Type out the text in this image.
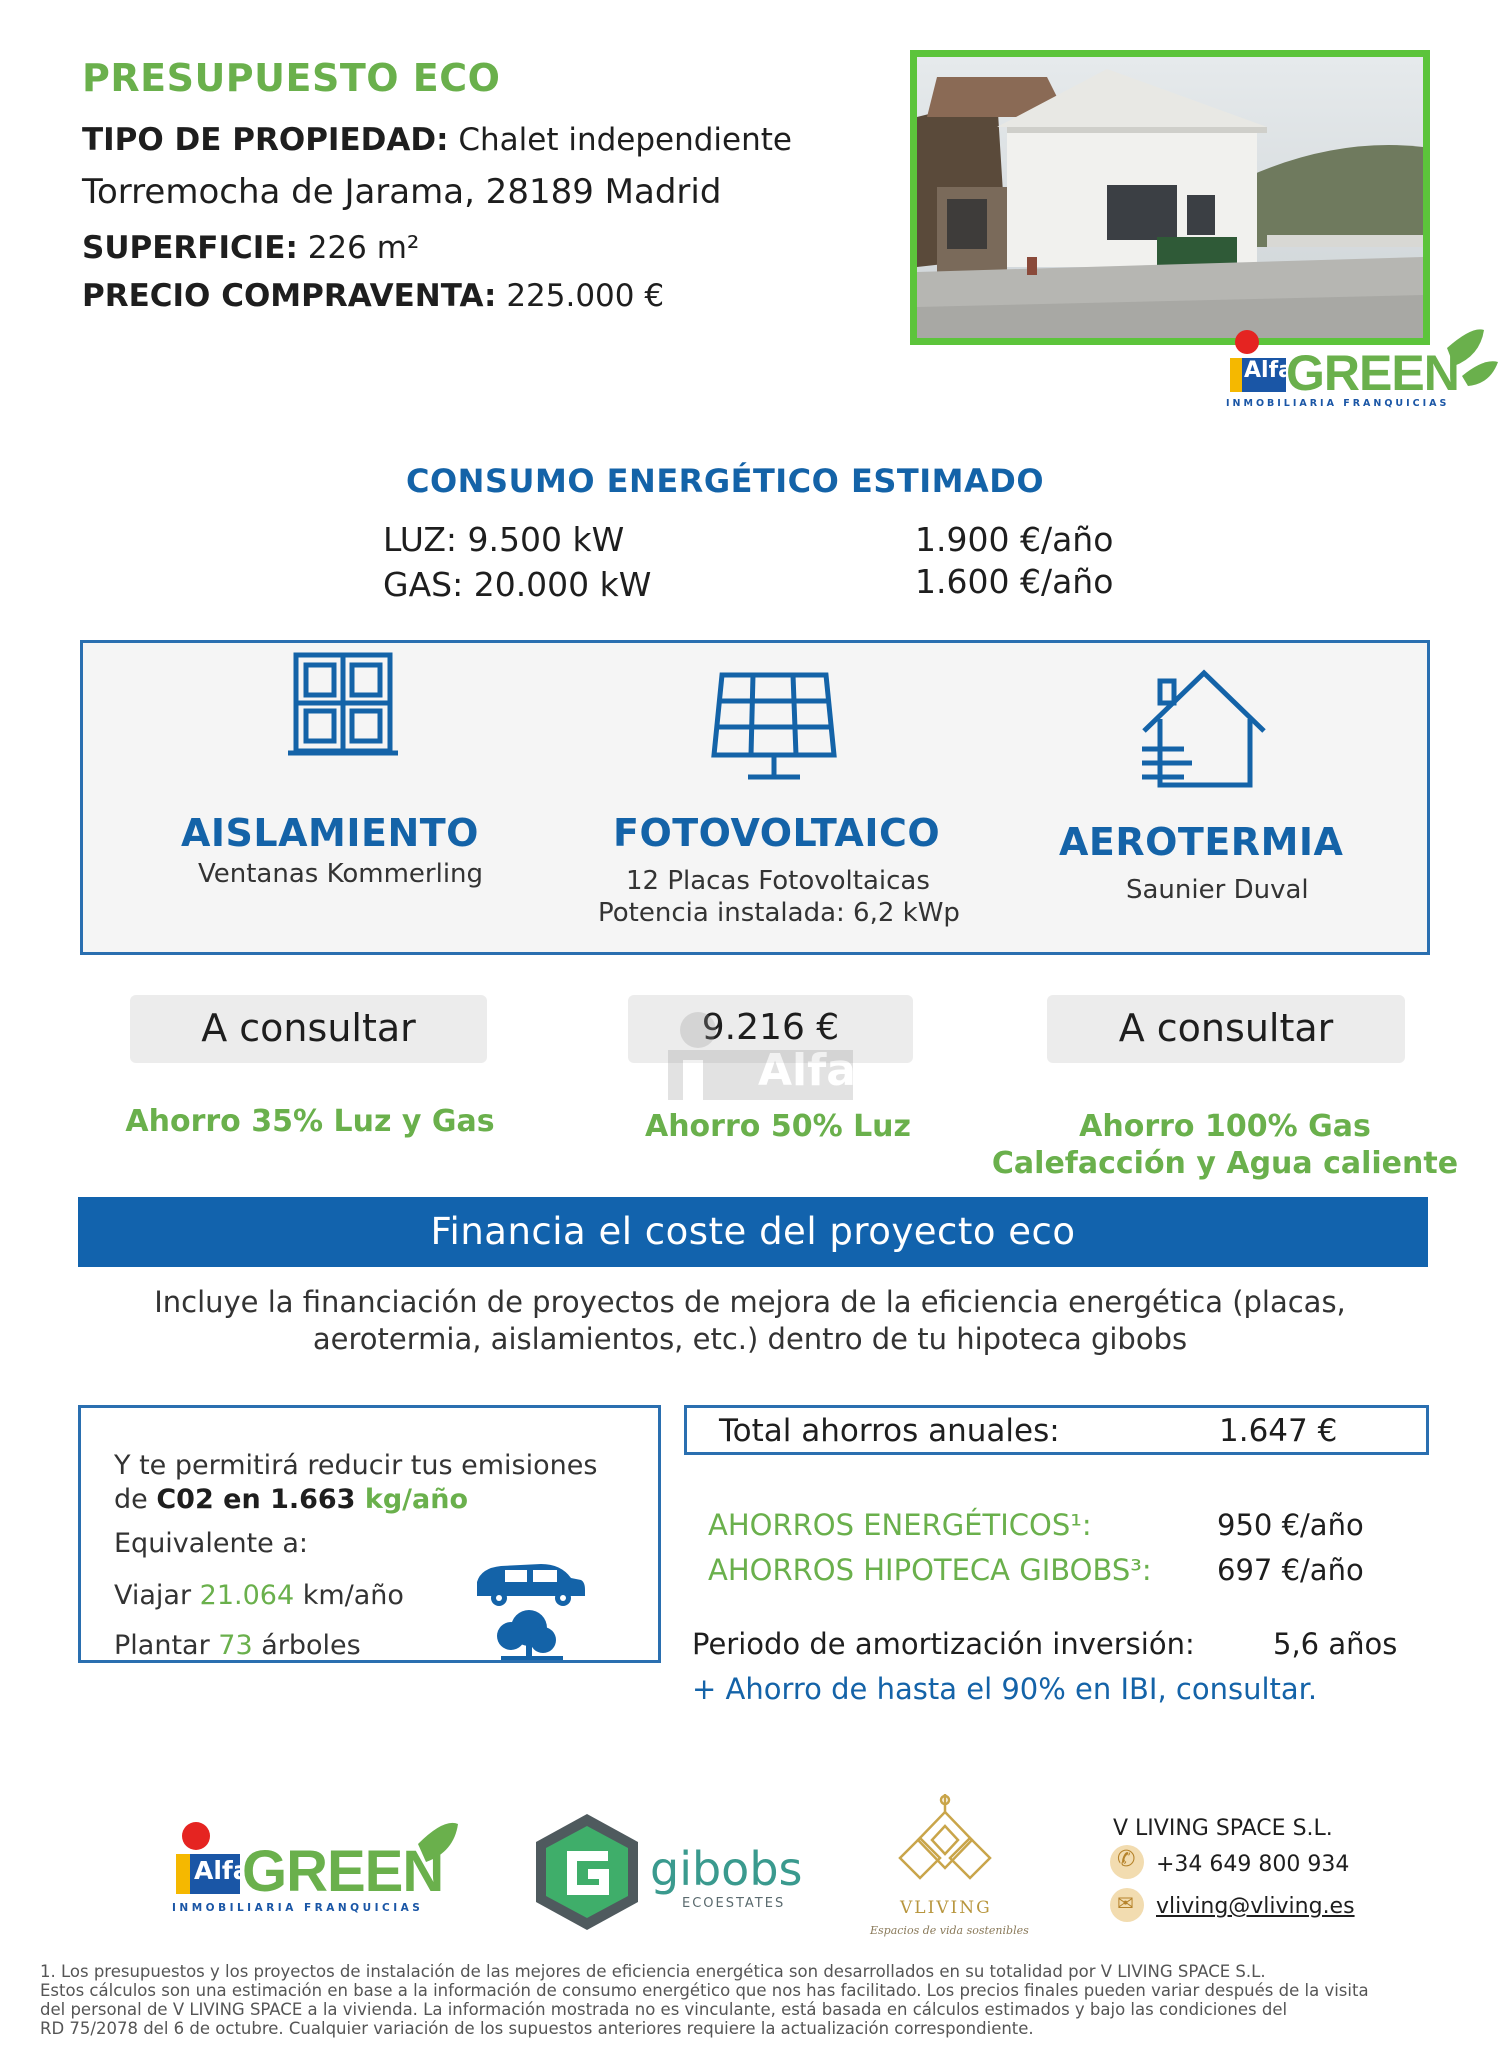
PRESUPUESTO ECO
TIPO DE PROPIEDAD: Chalet independiente
Torremocha de Jarama, 28189 Madrid
SUPERFICIE: 226 m²
PRECIO COMPRAVENTA: 225.000 €
Alfa
GREEN
INMOBILIARIA FRANQUICIAS
CONSUMO ENERGÉTICO ESTIMADO
LUZ: 9.500 kW	1.900 €/año
GAS: 20.000 kW	1.600 €/año
AISLAMIENTO
Ventanas Kommerling
FOTOVOLTAICO
12 Placas Fotovoltaicas
Potencia instalada: 6,2 kWp
AEROTERMIA
Saunier Duval
A consultar	9.216 €	A consultar
Alfa
Ahorro 35% Luz y Gas	Ahorro 50% Luz	Ahorro 100% Gas
Calefacción y Agua caliente
Financia el coste del proyecto eco
Incluye la financiación de proyectos de mejora de la eficiencia energética (placas,
aerotermia, aislamientos, etc.) dentro de tu hipoteca gibobs
Y te permitirá reducir tus emisiones
de C02 en 1.663 kg/año
Equivalente a:
Viajar 21.064 km/año
Plantar 73 árboles
Total ahorros anuales:	1.647 €
AHORROS ENERGÉTICOS¹:	950 €/año
AHORROS HIPOTECA GIBOBS³: 697 €/año
Periodo de amortización inversión:	5,6 años
+ Ahorro de hasta el 90% en IBI, consultar.
Alfa
GREEN
INMOBILIARIA FRANQUICIAS
gibobs
ECOESTATES	VLIVING
Espacios de vida sostenibles
V LIVING SPACE S.L.
✆ +34 649 800 934
✉ vliving@vliving.es
1. Los presupuestos y los proyectos de instalación de las mejores de eficiencia energética son desarrollados en su totalidad por V LIVING SPACE S.L.
Estos cálculos son una estimación en base a la información de consumo energético que nos has facilitado. Los precios finales pueden variar después de la visita
del personal de V LIVING SPACE a la vivienda. La información mostrada no es vinculante, está basada en cálculos estimados y bajo las condiciones del
RD 75/2078 del 6 de octubre. Cualquier variación de los supuestos anteriores requiere la actualización correspondiente.
